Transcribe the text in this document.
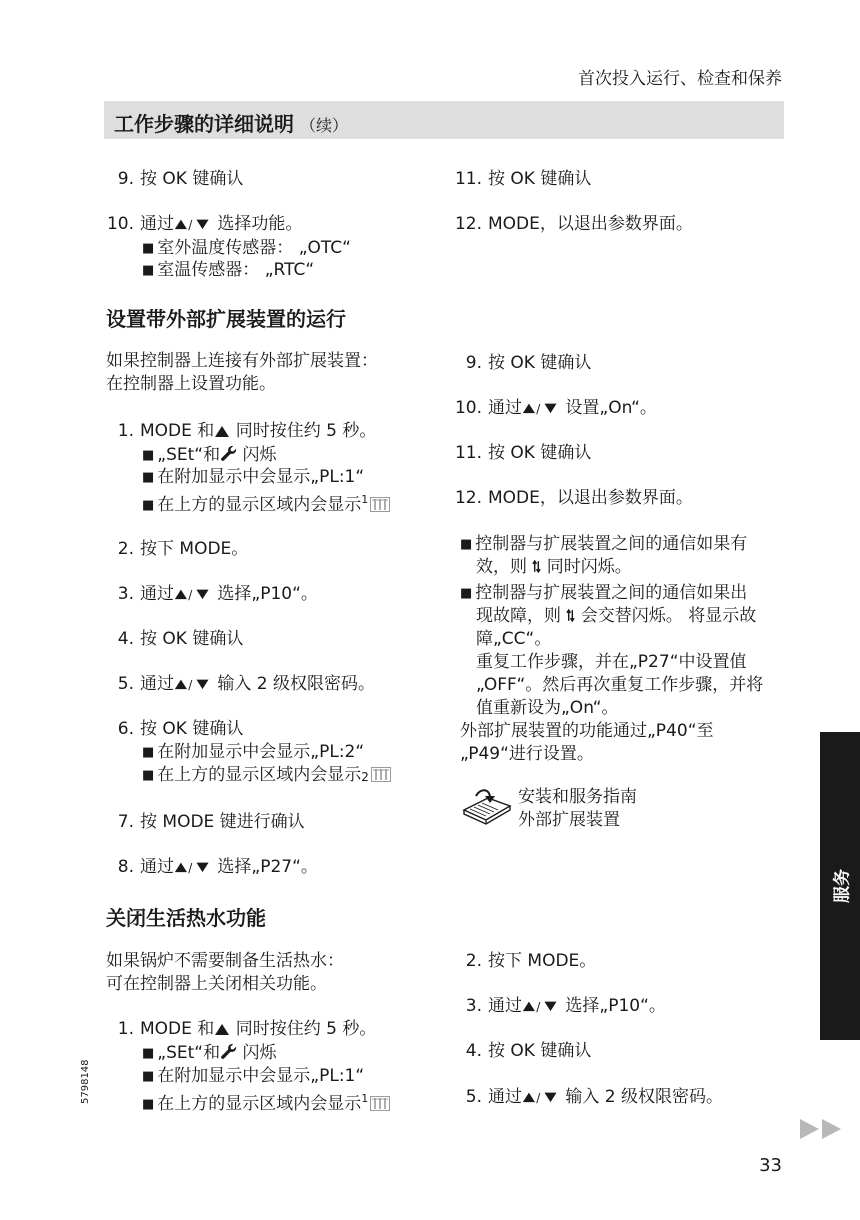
首次投入运行、检查和保养
工作步骤的详细说明 （续）
9. 按 OK 键确认
10. 通过 选择功能。
■ 室外温度传感器： „OTC“
■ 室温传感器： „RTC“
11. 按 OK 键确认
12. MODE，以退出参数界面。
设置带外部扩展装置的运行
如果控制器上连接有外部扩展装置：
在控制器上设置功能。
1. MODE 和 同时按住约 5 秒。
■ „SEt“和 闪烁
■ 在附加显示中会显示„PL:1“
■ 在上方的显示区域内会显示$^1$
2. 按下 MODE。
3. 通过 选择„P10“。
4. 按 OK 键确认
5. 通过 输入 2 级权限密码。
6. 按 OK 键确认
■ 在附加显示中会显示„PL:2“
■ 在上方的显示区域内会显示2
7. 按 MODE 键进行确认
8. 通过 选择„P27“。
9. 按 OK 键确认
10. 通过 设置„On“。
11. 按 OK 键确认
12. MODE，以退出参数界面。
■ 控制器与扩展装置之间的通信如果有
效，则  同时闪烁。
■ 控制器与扩展装置之间的通信如果出
现故障，则  会交替闪烁。 将显示故
障„CC“。
重复工作步骤，并在„P27“中设置值
„OFF“。然后再次重复工作步骤，并将
值重新设为„On“。
外部扩展装置的功能通过„P40“至
„P49“进行设置。
安装和服务指南
外部扩展装置
关闭生活热水功能
如果锅炉不需要制备生活热水：
可在控制器上关闭相关功能。
1. MODE 和 同时按住约 5 秒。
■ „SEt“和 闪烁
■ 在附加显示中会显示„PL:1“
■ 在上方的显示区域内会显示$^1$
2. 按下 MODE。
3. 通过 选择„P10“。
4. 按 OK 键确认
5. 通过 输入 2 级权限密码。
服务
5798148
33
